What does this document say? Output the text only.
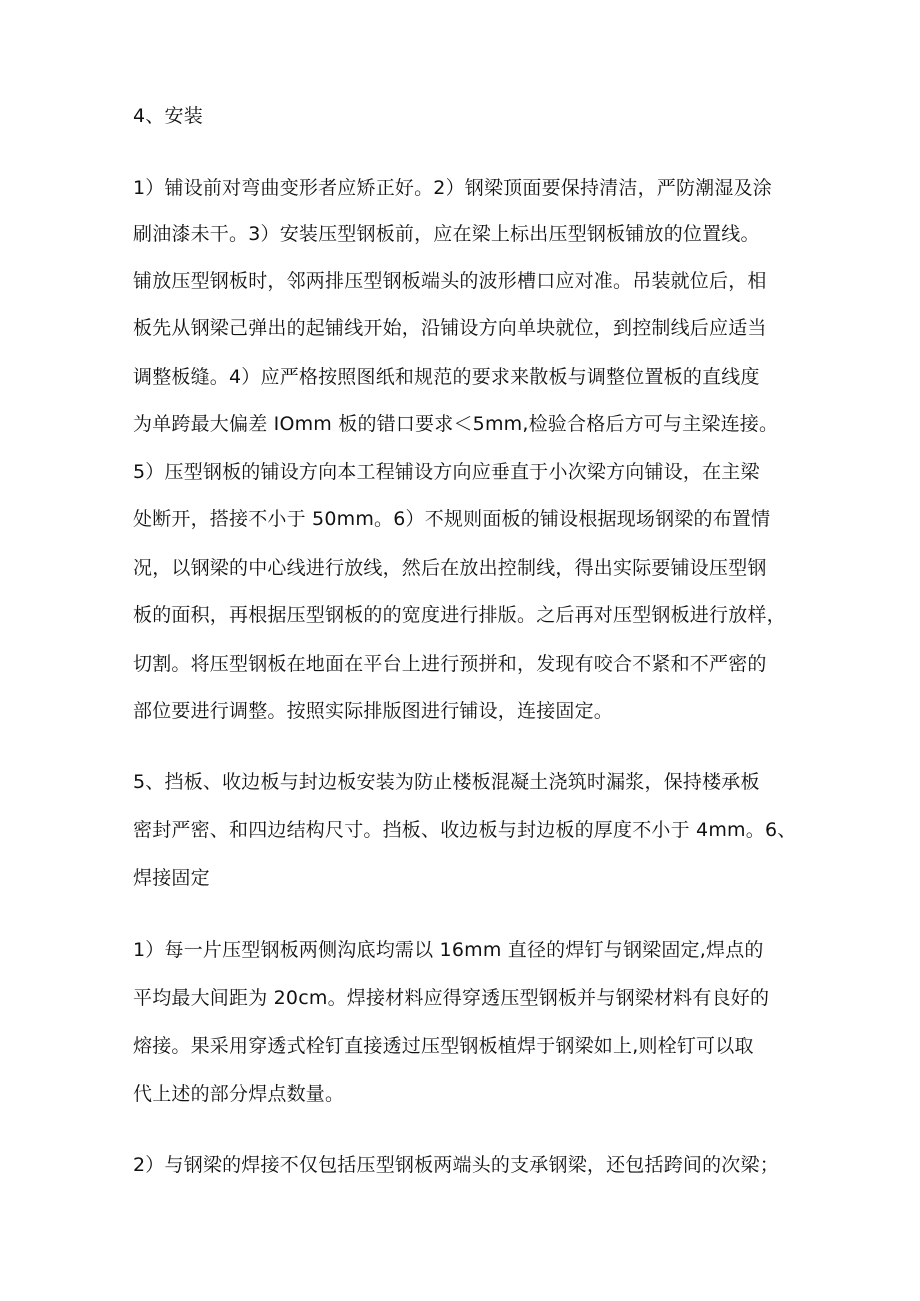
4、安装
1）铺设前对弯曲变形者应矫正好。2）钢梁顶面要保持清洁，严防潮湿及涂
刷油漆未干。3）安装压型钢板前，应在梁上标出压型钢板铺放的位置线。
铺放压型钢板时，邻两排压型钢板端头的波形槽口应对准。吊装就位后，相
板先从钢梁己弹出的起铺线开始，沿铺设方向单块就位，到控制线后应适当
调整板缝。4）应严格按照图纸和规范的要求来散板与调整位置板的直线度
为单跨最大偏差 IOmm 板的错口要求＜5mm,检验合格后方可与主梁连接。
5）压型钢板的铺设方向本工程铺设方向应垂直于小次梁方向铺设，在主梁
处断开，搭接不小于 50mm。6）不规则面板的铺设根据现场钢梁的布置情
况，以钢梁的中心线进行放线，然后在放出控制线，得出实际要铺设压型钢
板的面积，再根据压型钢板的的宽度进行排版。之后再对压型钢板进行放样，
切割。将压型钢板在地面在平台上进行预拼和，发现有咬合不紧和不严密的
部位要进行调整。按照实际排版图进行铺设，连接固定。
5、挡板、收边板与封边板安装为防止楼板混凝土浇筑时漏浆，保持楼承板
密封严密、和四边结构尺寸。挡板、收边板与封边板的厚度不小于 4mm。6、
焊接固定
1）每一片压型钢板两侧沟底均需以 16mm 直径的焊钉与钢梁固定,焊点的
平均最大间距为 20cm。焊接材料应得穿透压型钢板并与钢梁材料有良好的
熔接。果采用穿透式栓钉直接透过压型钢板植焊于钢梁如上,则栓钉可以取
代上述的部分焊点数量。
2）与钢梁的焊接不仅包括压型钢板两端头的支承钢梁，还包括跨间的次梁；
